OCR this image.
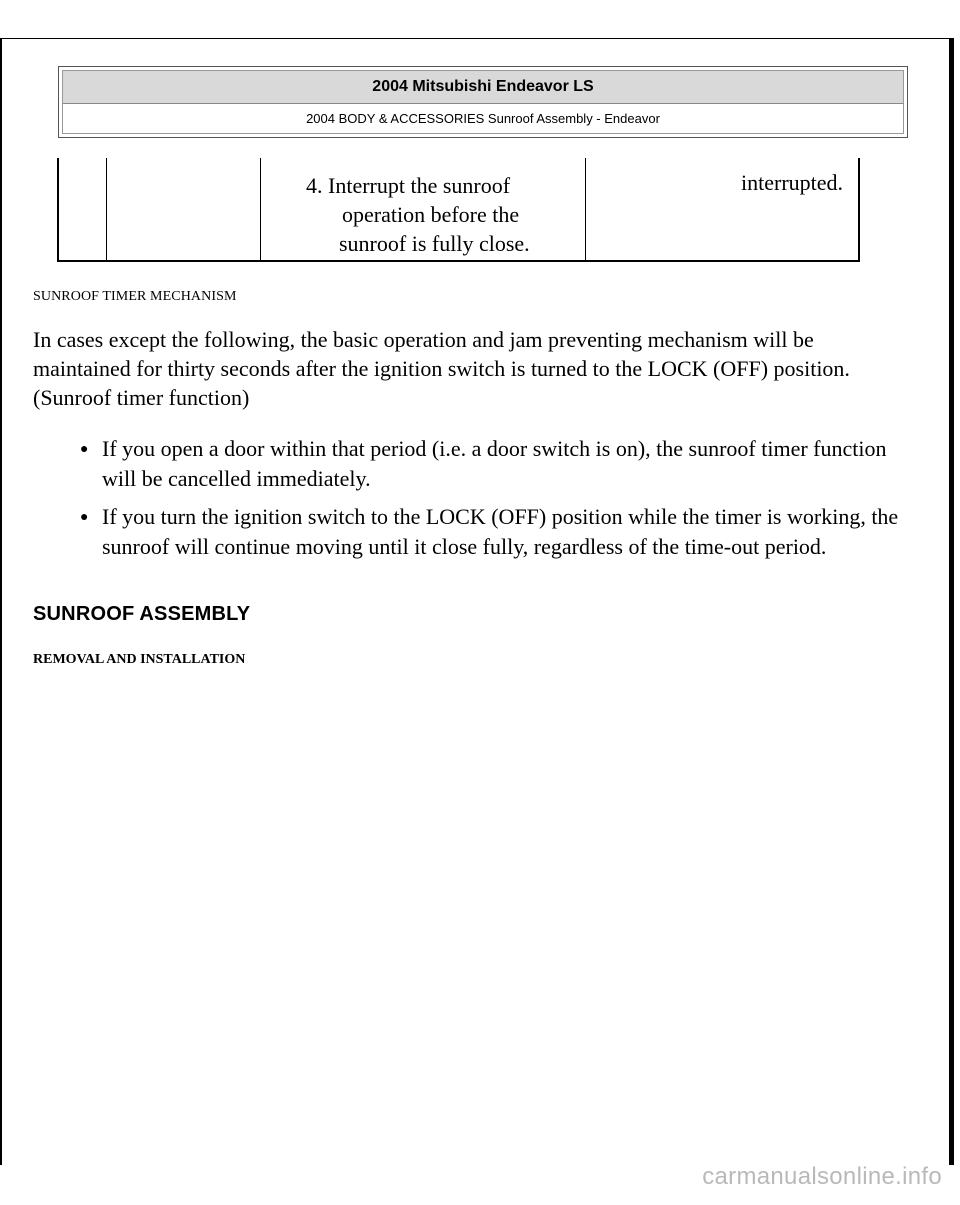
2004 Mitsubishi Endeavor LS
2004 BODY & ACCESSORIES Sunroof Assembly - Endeavor
4. Interrupt the sunroof
operation before the
sunroof is fully close.
interrupted.
SUNROOF TIMER MECHANISM

In cases except the following, the basic operation and jam preventing mechanism will be maintained for thirty seconds after the ignition switch is turned to the LOCK (OFF) position. (Sunroof timer function)

● If you open a door within that period (i.e. a door switch is on), the sunroof timer function will be cancelled immediately.
● If you turn the ignition switch to the LOCK (OFF) position while the timer is working, the sunroof will continue moving until it close fully, regardless of the time-out period.
SUNROOF ASSEMBLY
REMOVAL AND INSTALLATION
carmanualsonline.info
